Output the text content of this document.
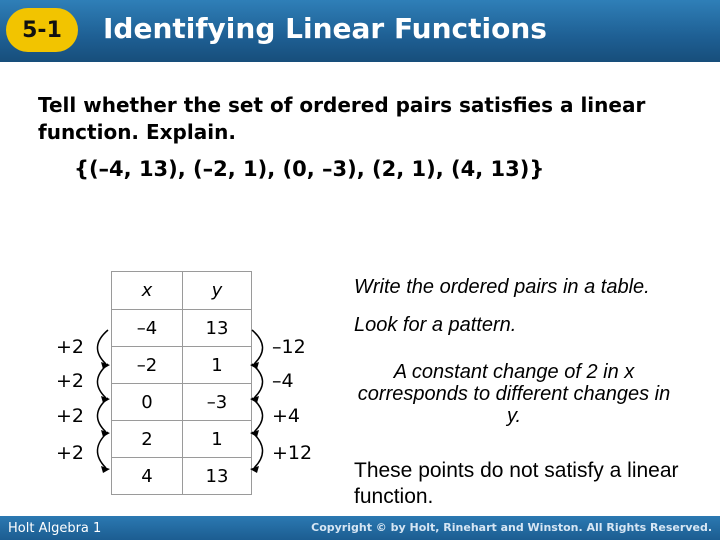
5-1	Identifying Linear Functions
Tell whether the set of ordered pairs satisfies a linear function. Explain.
{(–4, 13), (–2, 1), (0, –3), (2, 1), (4, 13)}
x	y
–4	13
–2	1
0	–3
2	1
4	13
+2
+2
+2
+2
–12
–4
+4
+12
Write the ordered pairs in a table.
Look for a pattern.
A constant change of 2 in x corresponds to different changes in y.
These points do not satisfy a linear function.
Holt Algebra 1	Copyright © by Holt, Rinehart and Winston. All Rights Reserved.
